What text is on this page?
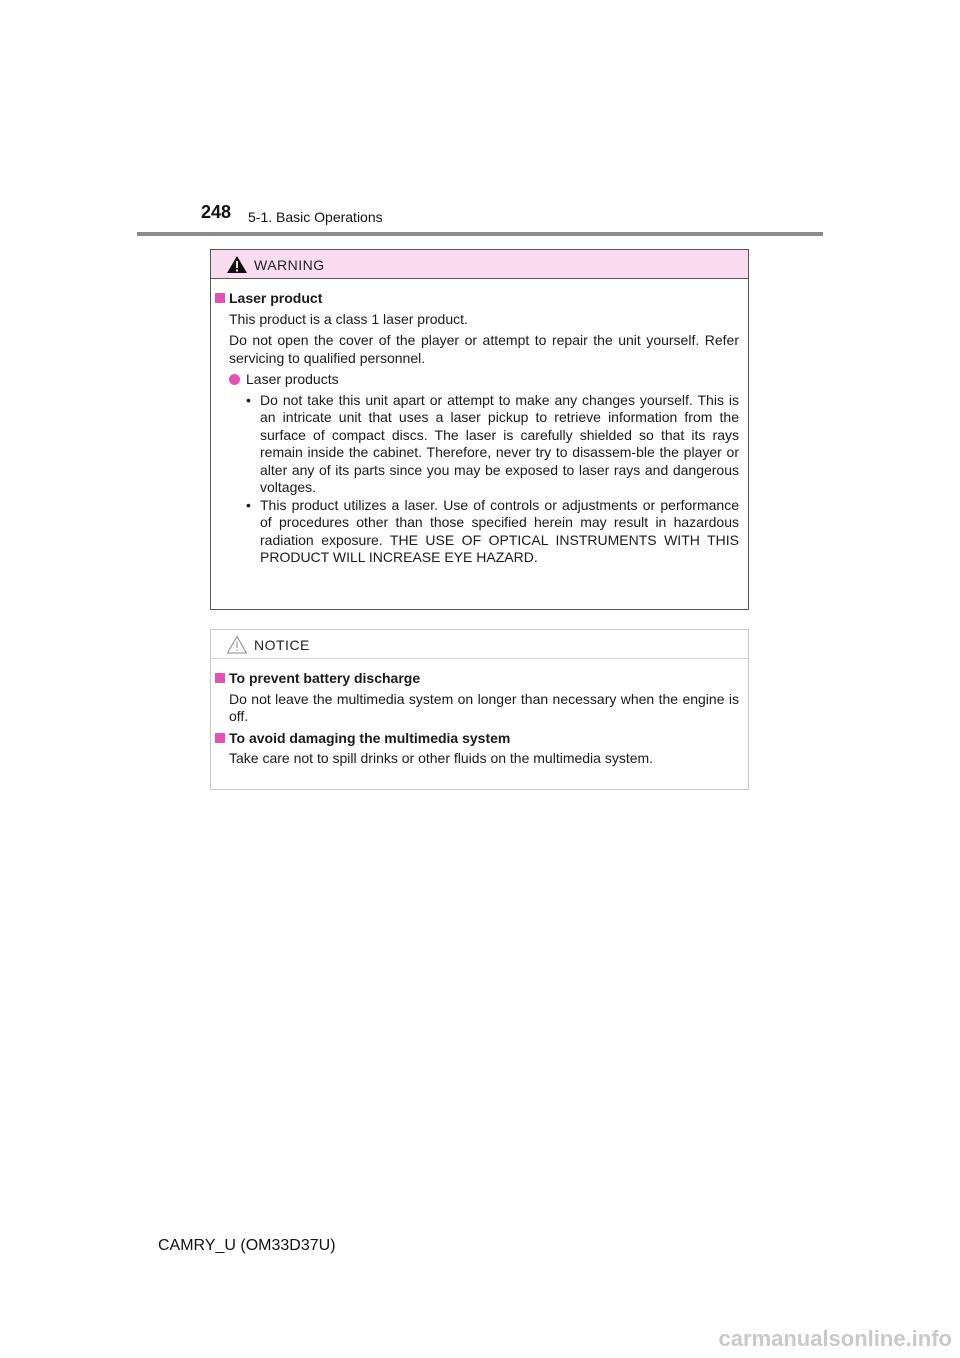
248 5-1. Basic Operations
WARNING
Laser product
This product is a class 1 laser product.
Do not open the cover of the player or attempt to repair the unit yourself. Refer servicing to qualified personnel.
Laser products
• Do not take this unit apart or attempt to make any changes yourself. This is an intricate unit that uses a laser pickup to retrieve information from the surface of compact discs. The laser is carefully shielded so that its rays remain inside the cabinet. Therefore, never try to disassem-ble the player or alter any of its parts since you may be exposed to laser rays and dangerous voltages.
• This product utilizes a laser. Use of controls or adjustments or performance of procedures other than those specified herein may result in hazardous radiation exposure. THE USE OF OPTICAL INSTRUMENTS WITH THIS PRODUCT WILL INCREASE EYE HAZARD.
NOTICE
To prevent battery discharge
Do not leave the multimedia system on longer than necessary when the engine is off.
To avoid damaging the multimedia system
Take care not to spill drinks or other fluids on the multimedia system.
CAMRY_U (OM33D37U)
carmanualsonline.info
